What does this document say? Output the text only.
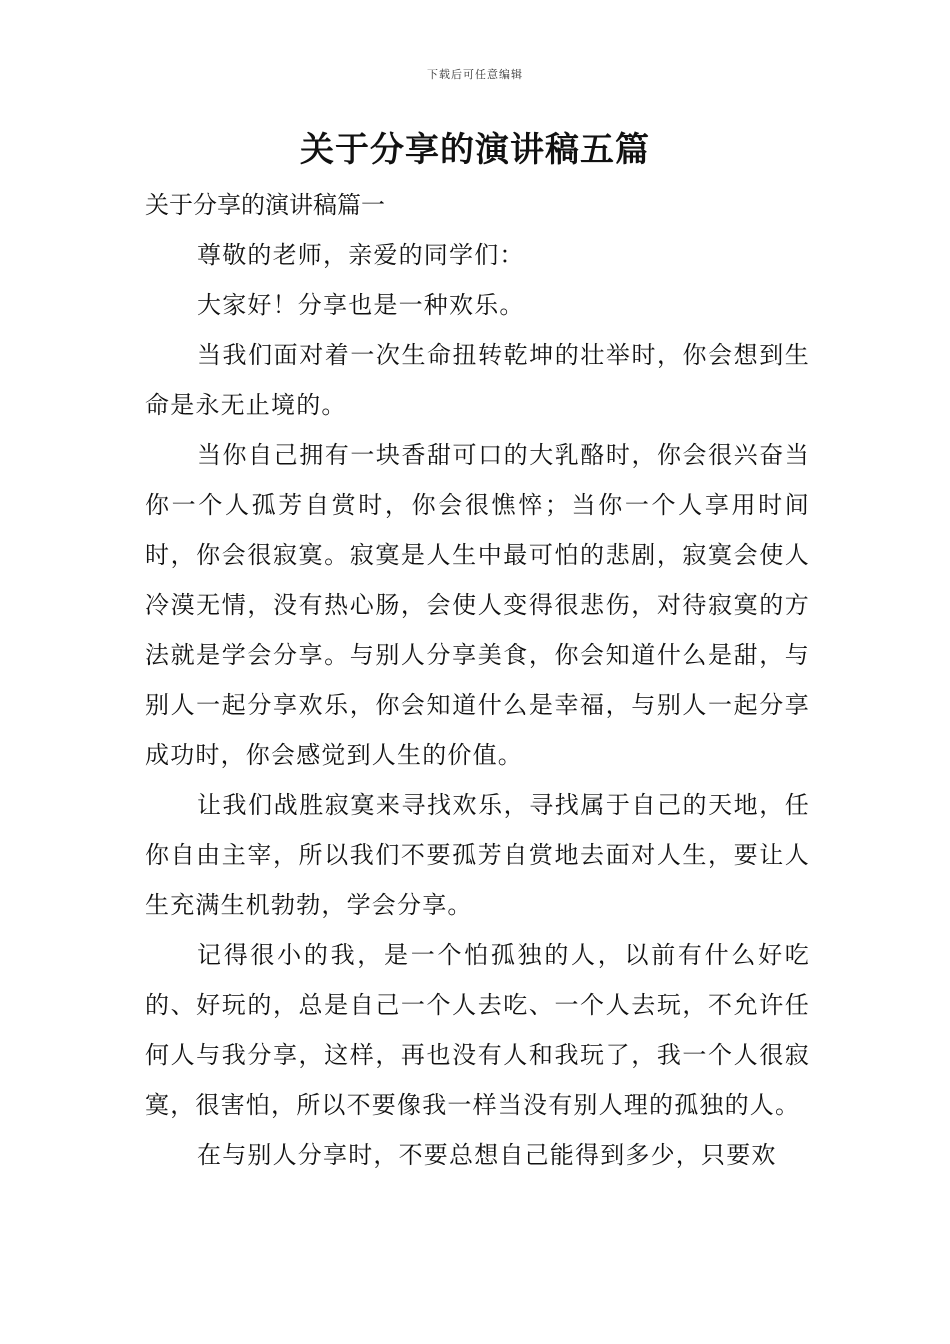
下载后可任意编辑
关于分享的演讲稿五篇
关于分享的演讲稿篇一

尊敬的老师，亲爱的同学们：

大家好！分享也是一种欢乐。

当我们面对着一次生命扭转乾坤的壮举时，你会想到生命是永无止境的。

当你自己拥有一块香甜可口的大乳酪时，你会很兴奋当你一个人孤芳自赏时，你会很憔悴；当你一个人享用时间时，你会很寂寞。寂寞是人生中最可怕的悲剧，寂寞会使人冷漠无情，没有热心肠，会使人变得很悲伤，对待寂寞的方法就是学会分享。与别人分享美食，你会知道什么是甜，与别人一起分享欢乐，你会知道什么是幸福，与别人一起分享成功时，你会感觉到人生的价值。

让我们战胜寂寞来寻找欢乐，寻找属于自己的天地，任你自由主宰，所以我们不要孤芳自赏地去面对人生，要让人生充满生机勃勃，学会分享。

记得很小的我，是一个怕孤独的人，以前有什么好吃的、好玩的，总是自己一个人去吃、一个人去玩，不允许任何人与我分享，这样，再也没有人和我玩了，我一个人很寂寞，很害怕，所以不要像我一样当没有别人理的孤独的人。

在与别人分享时，不要总想自己能得到多少，只要欢
